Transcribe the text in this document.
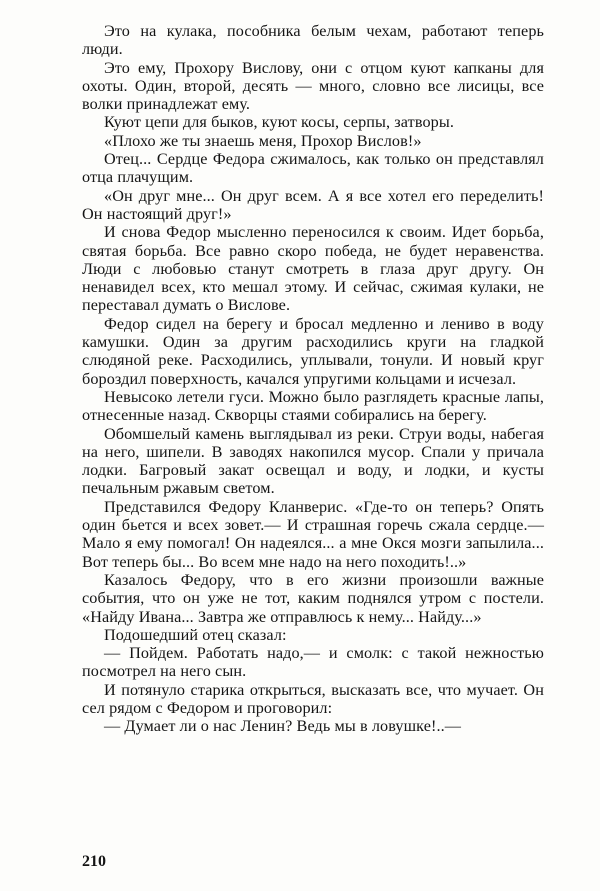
Это на кулака, пособника белым чехам, работают теперь люди.

Это ему, Прохору Вислову, они с отцом куют капканы для охоты. Один, второй, десять — много, словно все лисицы, все волки принадлежат ему.

Куют цепи для быков, куют косы, серпы, затворы.

«Плохо же ты знаешь меня, Прохор Вислов!»

Отец... Сердце Федора сжималось, как только он представлял отца плачущим.

«Он друг мне... Он друг всем. А я все хотел его переделить! Он настоящий друг!»

И снова Федор мысленно переносился к своим. Идет борьба, святая борьба. Все равно скоро победа, не будет неравенства. Люди с любовью станут смотреть в глаза друг другу. Он ненавидел всех, кто мешал этому. И сейчас, сжимая кулаки, не переставал думать о Вислове.

Федор сидел на берегу и бросал медленно и лениво в воду камушки. Один за другим расходились круги на гладкой слюдяной реке. Расходились, уплывали, тонули. И новый круг бороздил поверхность, качался упругими кольцами и исчезал.

Невысоко летели гуси. Можно было разглядеть красные лапы, отнесенные назад. Скворцы стаями собирались на берегу.

Обомшелый камень выглядывал из реки. Струи воды, набегая на него, шипели. В заводях накопился мусор. Спали у причала лодки. Багровый закат освещал и воду, и лодки, и кусты печальным ржавым светом.

Представился Федору Кланверис. «Где-то он теперь? Опять один бьется и всех зовет.— И страшная горечь сжала сердце.— Мало я ему помогал! Он надеялся... а мне Окся мозги запылила... Вот теперь бы... Во всем мне надо на него походить!..»

Казалось Федору, что в его жизни произошли важные события, что он уже не тот, каким поднялся утром с постели. «Найду Ивана... Завтра же отправлюсь к нему... Найду...»

Подошедший отец сказал:

— Пойдем. Работать надо,— и смолк: с такой нежностью посмотрел на него сын.

И потянуло старика открыться, высказать все, что мучает. Он сел рядом с Федором и проговорил:

— Думает ли о нас Ленин? Ведь мы в ловушке!..—

210
